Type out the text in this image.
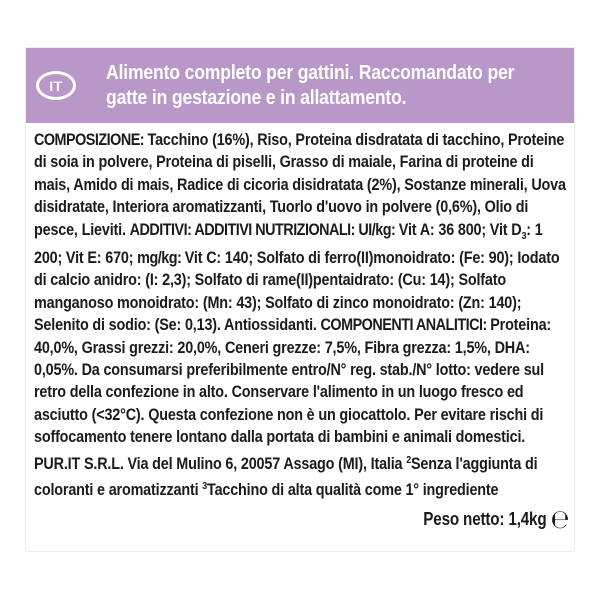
IT
Alimento completo per gattini. Raccomandato per gatte in gestazione e in allattamento.

COMPOSIZIONE: Tacchino (16%), Riso, Proteina disdratata di tacchino, Proteine di soia in polvere, Proteina di piselli, Grasso di maiale, Farina di proteine di mais, Amido di mais, Radice di cicoria disidratata (2%), Sostanze minerali, Uova disidratate, Interiora aromatizzanti, Tuorlo d'uovo in polvere (0,6%), Olio di pesce, Lieviti. ADDITIVI: ADDITIVI NUTRIZIONALI: UI/kg: Vit A: 36 800; Vit $D_3$: 1 200; Vit E: 670; mg/kg: Vit C: 140; Solfato di ferro(II)monoidrato: (Fe: 90); Iodato di calcio anidro: (I: 2,3); Solfato di rame(II)pentaidrato: (Cu: 14); Solfato manganoso monoidrato: (Mn: 43); Solfato di zinco monoidrato: (Zn: 140); Selenito di sodio: (Se: 0,13). Antiossidanti. COMPONENTI ANALITICI: Proteina: 40,0%, Grassi grezzi: 20,0%, Ceneri grezze: 7,5%, Fibra grezza: 1,5%, DHA: 0,05%. Da consumarsi preferibilmente entro/N° reg. stab./N° lotto: vedere sul retro della confezione in alto. Conservare l'alimento in un luogo fresco ed asciutto (<32°C). Questa confezione non è un giocattolo. Per evitare rischi di soffocamento tenere lontano dalla portata di bambini e animali domestici. PUR.IT S.R.L. Via del Mulino 6, 20057 Assago (MI), Italia $^2$Senza l'aggiunta di coloranti e aromatizzanti $^3$Tacchino di alta qualità come 1° ingrediente

Peso netto: 1,4kg ℮
